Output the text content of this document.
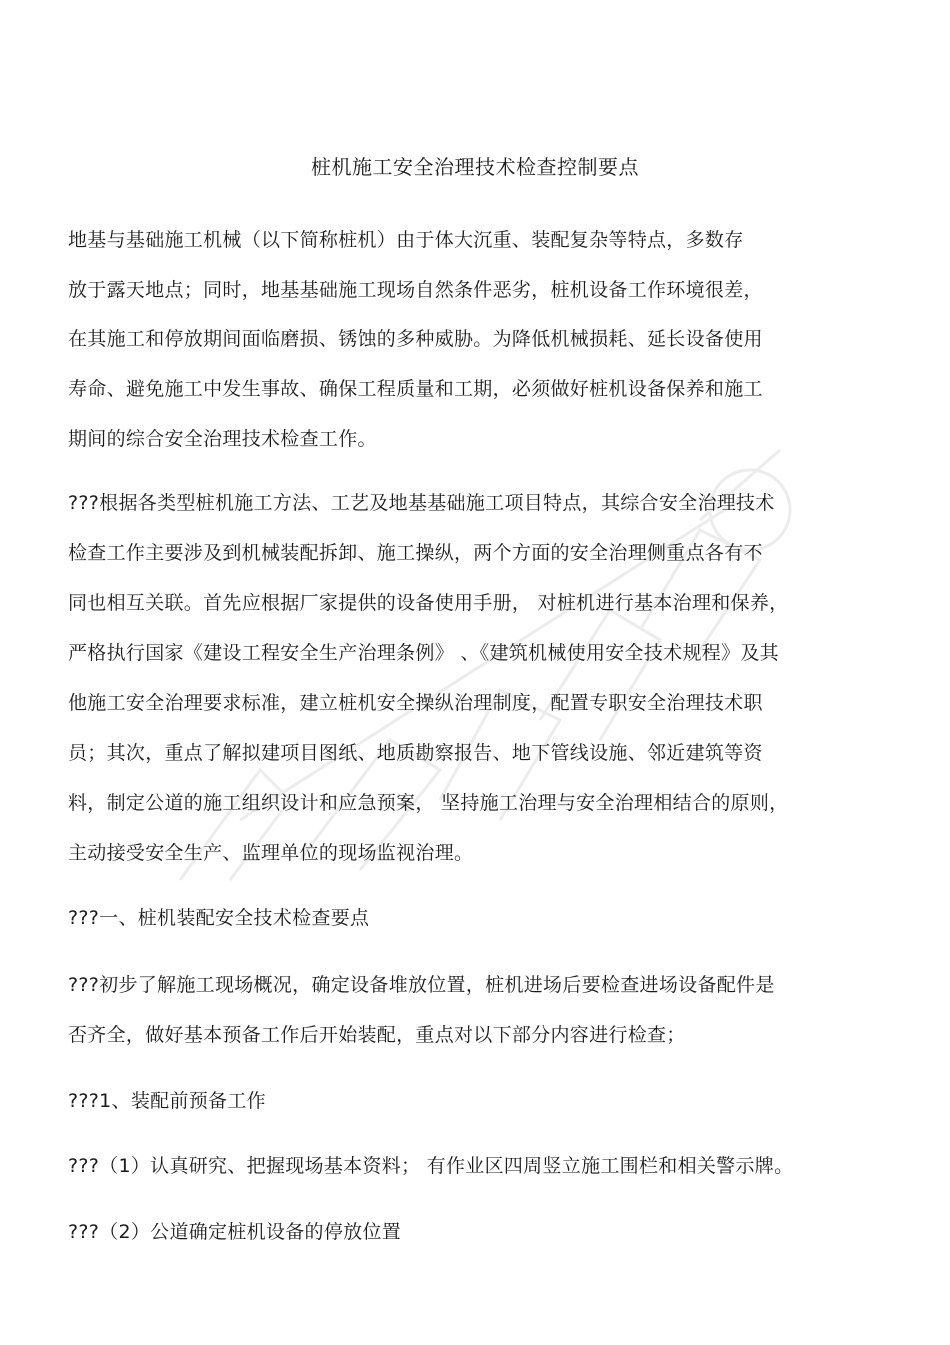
桩机施工安全治理技术检查控制要点
地基与基础施工机械（以下简称桩机）由于体大沉重、装配复杂等特点，多数存
放于露天地点；同时，地基基础施工现场自然条件恶劣，桩机设备工作环境很差，
在其施工和停放期间面临磨损、锈蚀的多种威胁。为降低机械损耗、延长设备使用
寿命、避免施工中发生事故、确保工程质量和工期，必须做好桩机设备保养和施工
期间的综合安全治理技术检查工作。
???根据各类型桩机施工方法、工艺及地基基础施工项目特点，其综合安全治理技术
检查工作主要涉及到机械装配拆卸、施工操纵，两个方面的安全治理侧重点各有不
同也相互关联。首先应根据厂家提供的设备使用手册， 对桩机进行基本治理和保养，
严格执行国家《建设工程安全生产治理条例》 、《建筑机械使用安全技术规程》及其
他施工安全治理要求标准，建立桩机安全操纵治理制度，配置专职安全治理技术职
员；其次，重点了解拟建项目图纸、地质勘察报告、地下管线设施、邻近建筑等资
料，制定公道的施工组织设计和应急预案， 坚持施工治理与安全治理相结合的原则，
主动接受安全生产、监理单位的现场监视治理。
???一、桩机装配安全技术检查要点
???初步了解施工现场概况，确定设备堆放位置，桩机进场后要检查进场设备配件是
否齐全，做好基本预备工作后开始装配，重点对以下部分内容进行检查；
???1、装配前预备工作
???（1）认真研究、把握现场基本资料； 有作业区四周竖立施工围栏和相关警示牌。
???（2）公道确定桩机设备的停放位置
